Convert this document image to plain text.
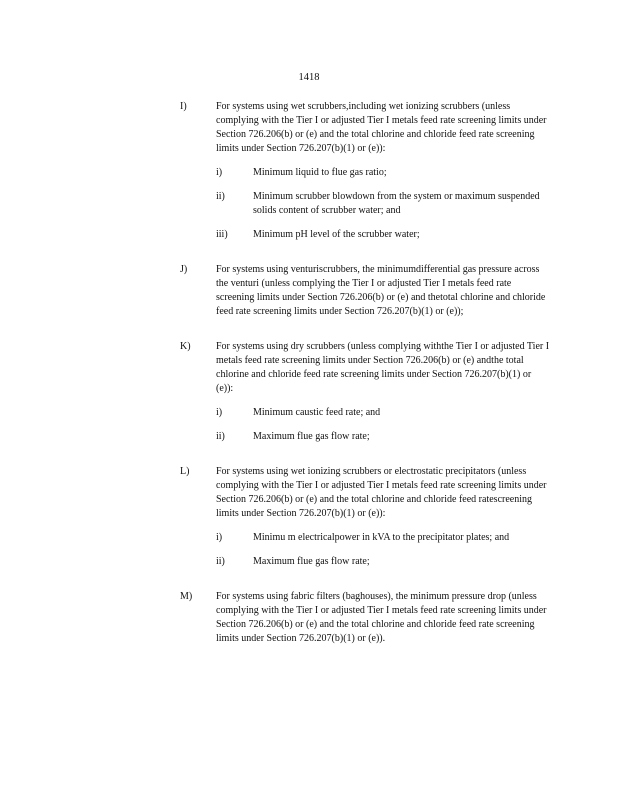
1418
I)	For systems using wet scrubbers,including wet ionizing scrubbers (unless complying with the Tier I or adjusted Tier I metals feed rate screening limits under Section 726.206(b) or (e) and the total chlorine and chloride feed rate screening limits under Section 726.207(b)(1) or (e)):

i)	Minimum liquid to flue gas ratio;
ii)	Minimum scrubber blowdown from the system or maximum suspended solids content of scrubber water; and
iii)	Minimum pH level of the scrubber water;
J)	For systems using venturiscrubbers, the minimumdifferential gas pressure across the venturi (unless complying the Tier I or adjusted Tier I metals feed rate screening limits under Section 726.206(b) or (e) and thetotal chlorine and chloride feed rate screening limits under Section 726.207(b)(1) or (e));

K)	For systems using dry scrubbers (unless complying withthe Tier I or adjusted Tier I metals feed rate screening limits under Section 726.206(b) or (e) andthe total chlorine and chloride feed rate screening limits under Section 726.207(b)(1) or (e)):

i)	Minimum caustic feed rate; and
ii)	Maximum flue gas flow rate;
L)	For systems using wet ionizing scrubbers or electrostatic precipitators (unless complying with the Tier I or adjusted Tier I metals feed rate screening limits under Section 726.206(b) or (e) and the total chlorine and chloride feed ratescreening limits under Section 726.207(b)(1) or (e)):

i)	Minimu m electricalpower in kVA to the precipitator plates; and
ii)	Maximum flue gas flow rate;
M)	For systems using fabric filters (baghouses), the minimum pressure drop (unless complying with the Tier I or adjusted Tier I metals feed rate screening limits under Section 726.206(b) or (e) and the total chlorine and chloride feed rate screening limits under Section 726.207(b)(1) or (e)).
